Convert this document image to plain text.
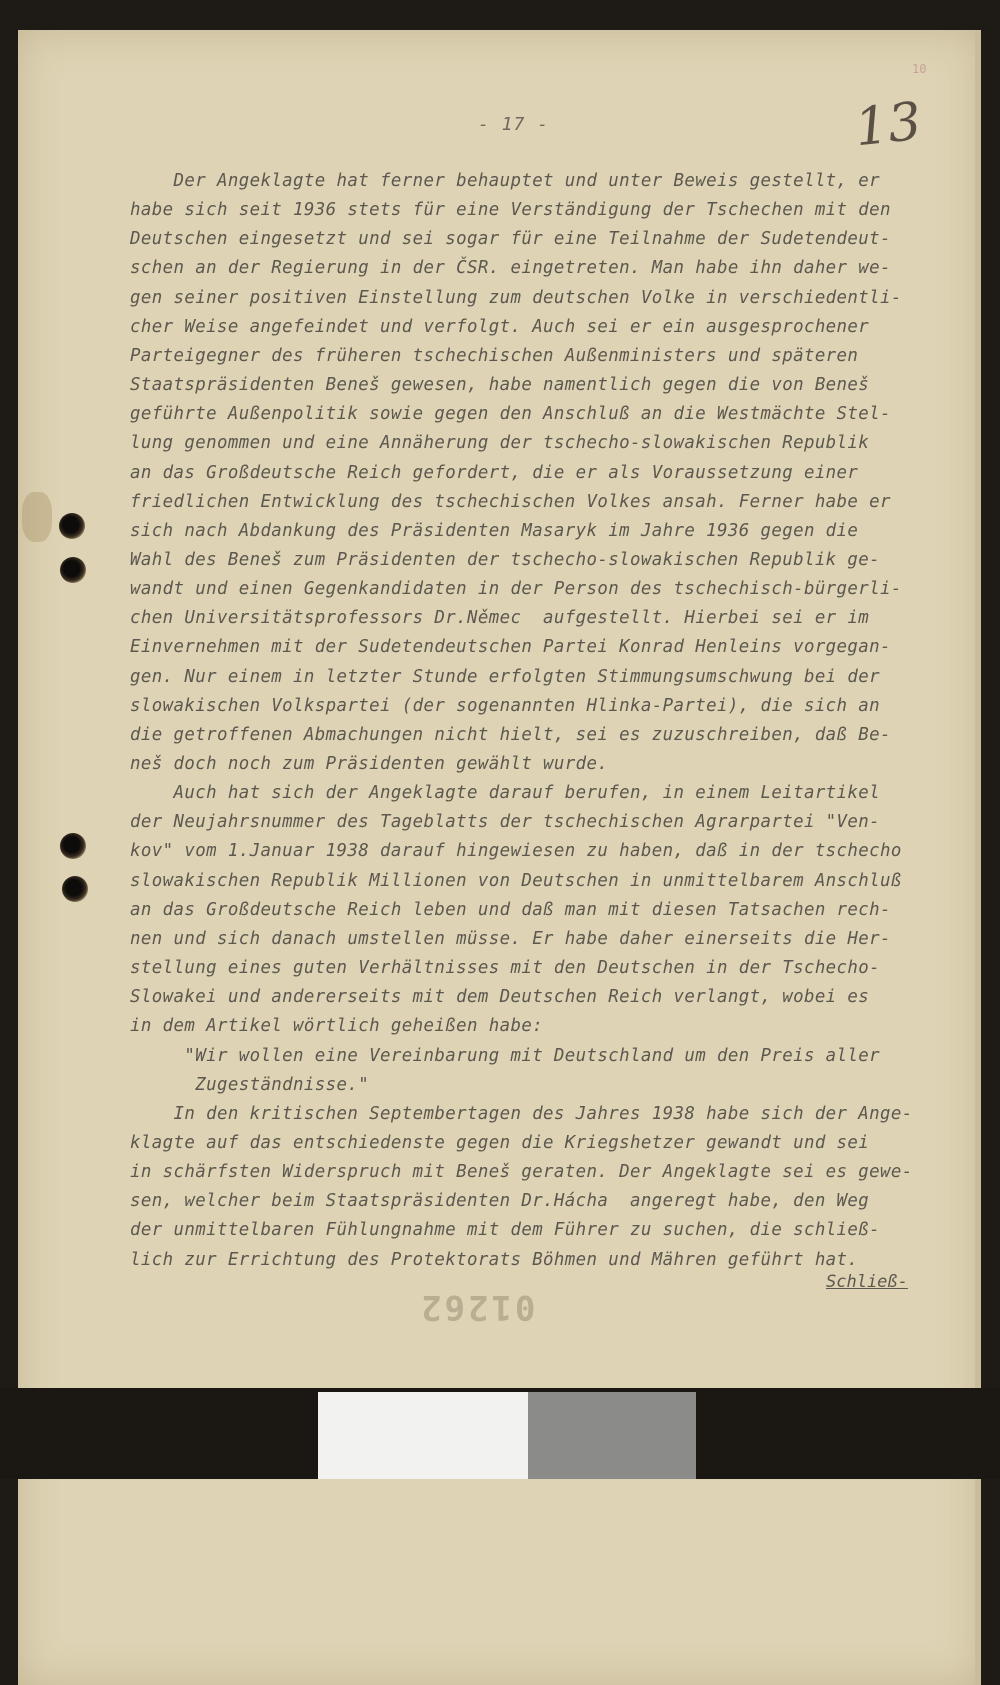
10
- 17 -	13
Der Angeklagte hat ferner behauptet und unter Beweis gestellt, er
habe sich seit 1936 stets für eine Verständigung der Tschechen mit den
Deutschen eingesetzt und sei sogar für eine Teilnahme der Sudetendeut-
schen an der Regierung in der ČSR. eingetreten. Man habe ihn daher we-
gen seiner positiven Einstellung zum deutschen Volke in verschiedentli-
cher Weise angefeindet und verfolgt. Auch sei er ein ausgesprochener
Parteigegner des früheren tschechischen Außenministers und späteren
Staatspräsidenten Beneš gewesen, habe namentlich gegen die von Beneš
geführte Außenpolitik sowie gegen den Anschluß an die Westmächte Stel-
lung genommen und eine Annäherung der tschecho-slowakischen Republik
an das Großdeutsche Reich gefordert, die er als Voraussetzung einer
friedlichen Entwicklung des tschechischen Volkes ansah. Ferner habe er
sich nach Abdankung des Präsidenten Masaryk im Jahre 1936 gegen die
Wahl des Beneš zum Präsidenten der tschecho-slowakischen Republik ge-
wandt und einen Gegenkandidaten in der Person des tschechisch-bürgerli-
chen Universitätsprofessors Dr.Němec  aufgestellt. Hierbei sei er im
Einvernehmen mit der Sudetendeutschen Partei Konrad Henleins vorgegan-
gen. Nur einem in letzter Stunde erfolgten Stimmungsumschwung bei der
slowakischen Volkspartei (der sogenannten Hlinka-Partei), die sich an
die getroffenen Abmachungen nicht hielt, sei es zuzuschreiben, daß Be-
neš doch noch zum Präsidenten gewählt wurde.
Auch hat sich der Angeklagte darauf berufen, in einem Leitartikel
der Neujahrsnummer des Tageblatts der tschechischen Agrarpartei "Ven-
kov" vom 1.Januar 1938 darauf hingewiesen zu haben, daß in der tschecho
slowakischen Republik Millionen von Deutschen in unmittelbarem Anschluß
an das Großdeutsche Reich leben und daß man mit diesen Tatsachen rech-
nen und sich danach umstellen müsse. Er habe daher einerseits die Her-
stellung eines guten Verhältnisses mit den Deutschen in der Tschecho-
Slowakei und andererseits mit dem Deutschen Reich verlangt, wobei es
in dem Artikel wörtlich geheißen habe:
"Wir wollen eine Vereinbarung mit Deutschland um den Preis aller
Zugeständnisse."
In den kritischen Septembertagen des Jahres 1938 habe sich der Ange-
klagte auf das entschiedenste gegen die Kriegshetzer gewandt und sei
in schärfsten Widerspruch mit Beneš geraten. Der Angeklagte sei es gewe-
sen, welcher beim Staatspräsidenten Dr.Hácha  angeregt habe, den Weg
der unmittelbaren Fühlungnahme mit dem Führer zu suchen, die schließ-
lich zur Errichtung des Protektorats Böhmen und Mähren geführt hat.
Schließ-
01262
